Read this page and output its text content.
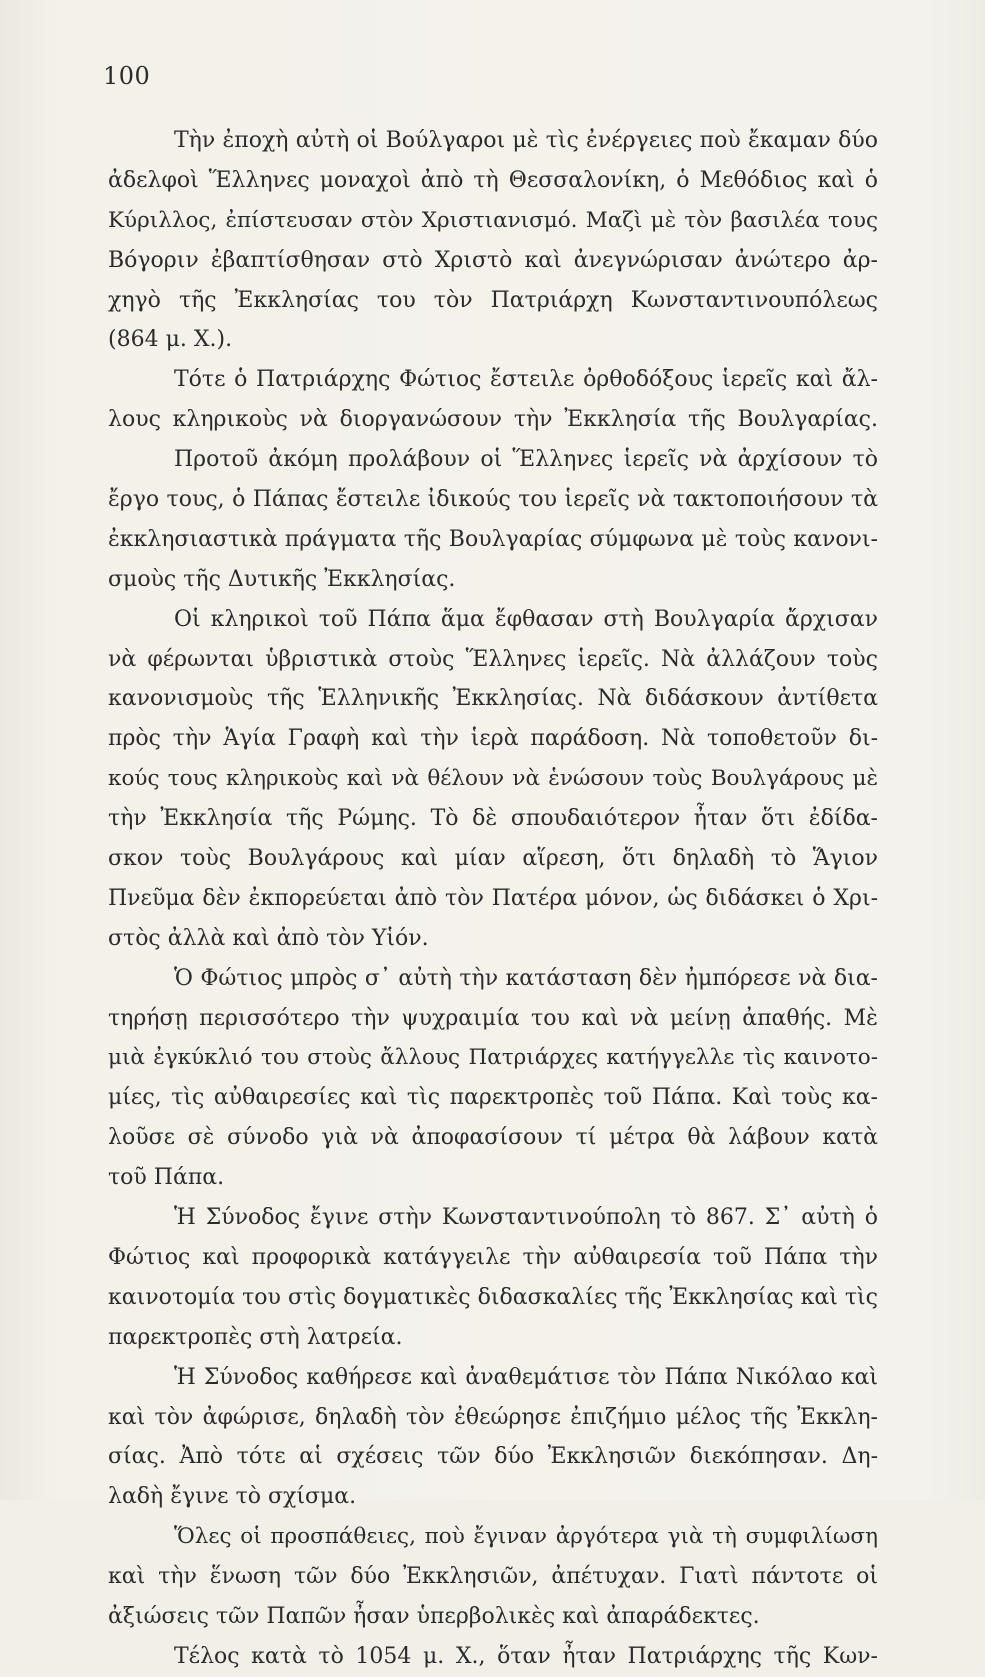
100
Τὴν ἐποχὴ αὐτὴ οἱ Βούλγαροι μὲ τὶς ἐνέργειες ποὺ ἔκαμαν δύο
ἀδελφοὶ Ἕλληνες μοναχοὶ ἀπὸ τὴ Θεσσαλονίκη, ὁ Μεθόδιος καὶ ὁ
Κύριλλος, ἐπίστευσαν στὸν Χριστιανισμό. Μαζὶ μὲ τὸν βασιλέα τους
Βόγοριν ἐβαπτίσθησαν στὸ Χριστὸ καὶ ἀνεγνώρισαν ἀνώτερο ἀρ-
χηγὸ τῆς Ἐκκλησίας του τὸν Πατριάρχη Κωνσταντινουπόλεως
(864 μ. Χ.).
Τότε ὁ Πατριάρχης Φώτιος ἔστειλε ὀρθοδόξους ἱερεῖς καὶ ἄλ-
λους κληρικοὺς νὰ διοργανώσουν τὴν Ἐκκλησία τῆς Βουλγαρίας.
Προτοῦ ἀκόμη προλάβουν οἱ Ἕλληνες ἱερεῖς νὰ ἀρχίσουν τὸ
ἔργο τους, ὁ Πάπας ἔστειλε ἰδικούς του ἱερεῖς νὰ τακτοποιήσουν τὰ
ἐκκλησιαστικὰ πράγματα τῆς Βουλγαρίας σύμφωνα μὲ τοὺς κανονι-
σμοὺς τῆς Δυτικῆς Ἐκκλησίας.
Οἱ κληρικοὶ τοῦ Πάπα ἅμα ἔφθασαν στὴ Βουλγαρία ἄρχισαν
νὰ φέρωνται ὑβριστικὰ στοὺς Ἕλληνες ἱερεῖς. Νὰ ἀλλάζουν τοὺς
κανονισμοὺς τῆς Ἑλληνικῆς Ἐκκλησίας. Νὰ διδάσκουν ἀντίθετα
πρὸς τὴν Ἁγία Γραφὴ καὶ τὴν ἱερὰ παράδοση. Νὰ τοποθετοῦν δι-
κούς τους κληρικοὺς καὶ νὰ θέλουν νὰ ἑνώσουν τοὺς Βουλγάρους μὲ
τὴν Ἐκκλησία τῆς Ρώμης. Τὸ δὲ σπουδαιότερον ἦταν ὅτι ἐδίδα-
σκον τοὺς Βουλγάρους καὶ μίαν αἵρεση, ὅτι δηλαδὴ τὸ Ἅγιον
Πνεῦμα δὲν ἐκπορεύεται ἀπὸ τὸν Πατέρα μόνον, ὡς διδάσκει ὁ Χρι-
στὸς ἀλλὰ καὶ ἀπὸ τὸν Υἱόν.
Ὁ Φώτιος μπρὸς σ᾽ αὐτὴ τὴν κατάσταση δὲν ἠμπόρεσε νὰ δια-
τηρήσῃ περισσότερο τὴν ψυχραιμία του καὶ νὰ μείνῃ ἀπαθής. Μὲ
μιὰ ἐγκύκλιό του στοὺς ἄλλους Πατριάρχες κατήγγελλε τὶς καινοτο-
μίες, τὶς αὐθαιρεσίες καὶ τὶς παρεκτροπὲς τοῦ Πάπα. Καὶ τοὺς κα-
λοῦσε σὲ σύνοδο γιὰ νὰ ἀποφασίσουν τί μέτρα θὰ λάβουν κατὰ
τοῦ Πάπα.
Ἡ Σύνοδος ἔγινε στὴν Κωνσταντινούπολη τὸ 867. Σ᾽ αὐτὴ ὁ
Φώτιος καὶ προφορικὰ κατάγγειλε τὴν αὐθαιρεσία τοῦ Πάπα τὴν
καινοτομία του στὶς δογματικὲς διδασκαλίες τῆς Ἐκκλησίας καὶ τὶς
παρεκτροπὲς στὴ λατρεία.
Ἡ Σύνοδος καθήρεσε καὶ ἀναθεμάτισε τὸν Πάπα Νικόλαο καὶ
καὶ τὸν ἀφώρισε, δηλαδὴ τὸν ἐθεώρησε ἐπιζήμιο μέλος τῆς Ἐκκλη-
σίας. Ἀπὸ τότε αἱ σχέσεις τῶν δύο Ἐκκλησιῶν διεκόπησαν. Δη-
λαδὴ ἔγινε τὸ σχίσμα.
Ὅλες οἱ προσπάθειες, ποὺ ἔγιναν ἀργότερα γιὰ τὴ συμφιλίωση
καὶ τὴν ἕνωση τῶν δύο Ἐκκλησιῶν, ἀπέτυχαν. Γιατὶ πάντοτε οἱ
ἀξιώσεις τῶν Παπῶν ἦσαν ὑπερβολικὲς καὶ ἀπαράδεκτες.
Τέλος κατὰ τὸ 1054 μ. Χ., ὅταν ἦταν Πατριάρχης τῆς Κων-
